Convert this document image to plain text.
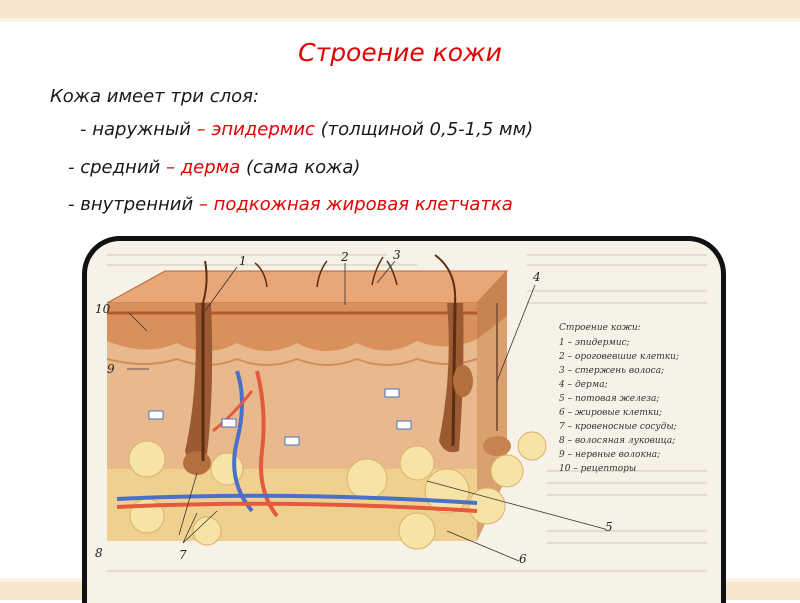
Строение кожи
Кожа имеет три слоя:
- наружный – эпидермис (толщиной 0,5-1,5 мм)
- средний – дерма (сама кожа)
- внутренний – подкожная жировая клетчатка
1	2	3
4
5
6
7
8
9
10
Строение кожи:
1 – эпидермис;
2 – ороговевшие клетки;
3 – стержень волоса;
4 – дерма;
5 – потовая железа;
6 – жировые клетки;
7 – кровеносные сосуды;
8 – волосяная луковица;
9 – нервные волокна;
10 – рецепторы
